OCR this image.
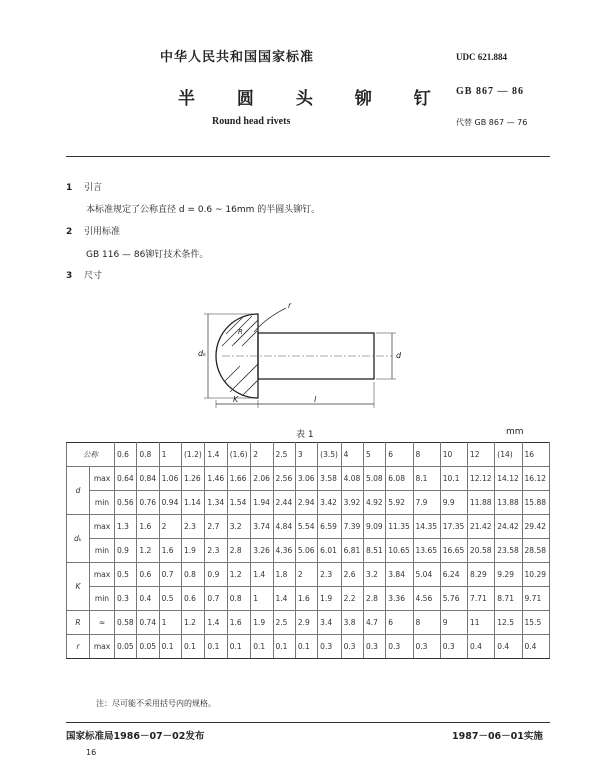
中华人民共和国国家标准
半 圆 头 铆 钉
Round head rivets
UDC 621.884
GB 867 — 86
代替 GB 867 — 76
1 引言
本标准规定了公称直径 d = 0.6 ~ 16mm 的半圆头铆钉。
2 引用标准
GB 116 — 86铆钉技术条件。
3 尺寸
r
R
dₖ	d
K	l
表 1	mm
公称		0.6	0.8	1	(1.2)	1.4	(1.6)	2	2.5	3	(3.5)	4	5	6	8	10	12	(14)	16
d	max	0.64	0.84	1.06	1.26	1.46	1.66	2.06	2.56	3.06	3.58	4.08	5.08	6.08	8.1	10.1	12.12	14.12	16.12
	min	0.56	0.76	0.94	1.14	1.34	1.54	1.94	2.44	2.94	3.42	3.92	4.92	5.92	7.9	9.9	11.88	13.88	15.88
dₖ	max	1.3	1.6	2	2.3	2.7	3.2	3.74	4.84	5.54	6.59	7.39	9.09	11.35	14.35	17.35	21.42	24.42	29.42
	min	0.9	1.2	1.6	1.9	2.3	2.8	3.26	4.36	5.06	6.01	6.81	8.51	10.65	13.65	16.65	20.58	23.58	28.58
K	max	0.5	0.6	0.7	0.8	0.9	1.2	1.4	1.8	2	2.3	2.6	3.2	3.84	5.04	6.24	8.29	9.29	10.29
	min	0.3	0.4	0.5	0.6	0.7	0.8	1	1.4	1.6	1.9	2.2	2.8	3.36	4.56	5.76	7.71	8.71	9.71
R	≈	0.58	0.74	1	1.2	1.4	1.6	1.9	2.5	2.9	3.4	3.8	4.7	6	8	9	11	12.5	15.5
r	max	0.05	0.05	0.1	0.1	0.1	0.1	0.1	0.1	0.1	0.3	0.3	0.3	0.3	0.3	0.3	0.4	0.4	0.4
注：尽可能不采用括号内的规格。
国家标准局1986－07－02发布	1987－06－01实施
16
